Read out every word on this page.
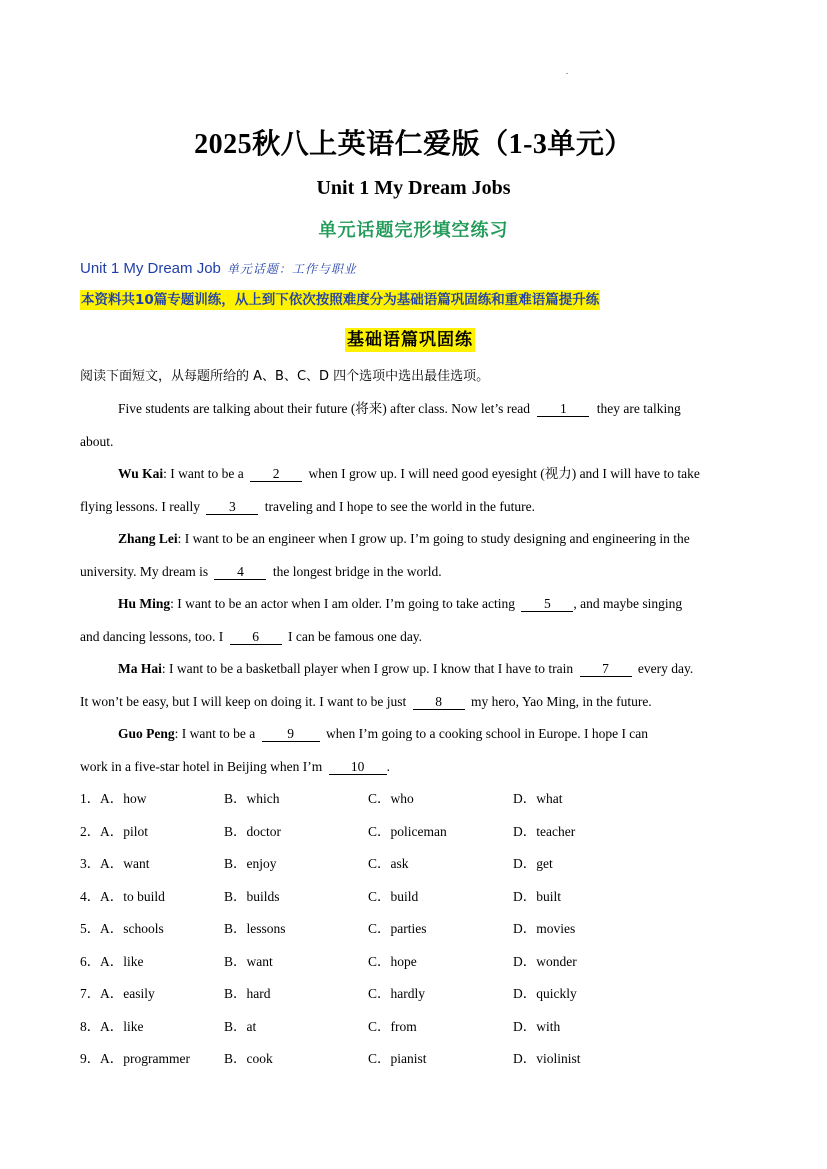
.
2025秋八上英语仁爱版（1-3单元）
Unit 1 My Dream Jobs
单元话题完形填空练习
Unit 1 My Dream Job 单元话题：工作与职业
本资料共10篇专题训练，从上到下依次按照难度分为基础语篇巩固练和重难语篇提升练
基础语篇巩固练
阅读下面短文，从每题所给的 A、B、C、D 四个选项中选出最佳选项。
Five students are talking about their future (将来) after class. Now let’s read 1 they are talking
about.
Wu Kai: I want to be a 2 when I grow up. I will need good eyesight (视力) and I will have to take
flying lessons. I really 3 traveling and I hope to see the world in the future.
Zhang Lei: I want to be an engineer when I grow up. I’m going to study designing and engineering in the
university. My dream is 4 the longest bridge in the world.
Hu Ming: I want to be an actor when I am older. I’m going to take acting 5 , and maybe singing
and dancing lessons, too. I 6 I can be famous one day.
Ma Hai: I want to be a basketball player when I grow up. I know that I have to train 7 every day.
It won’t be easy, but I will keep on doing it. I want to be just 8 my hero, Yao Ming, in the future.
Guo Peng: I want to be a 9 when I’m going to a cooking school in Europe. I hope I can
work in a five-star hotel in Beijing when I’m 10 .
1． A．how	B．which	C．who	D．what
2． A．pilot	B．doctor	C．policeman	D．teacher
3． A．want	B．enjoy	C．ask	D．get
4． A．to build	B．builds	C．build	D．built
5． A．schools	B．lessons	C．parties	D．movies
6． A．like	B．want	C．hope	D．wonder
7． A．easily	B．hard	C．hardly	D．quickly
8． A．like	B．at	C．from	D．with
9． A．programmer	B．cook	C．pianist	D．violinist
